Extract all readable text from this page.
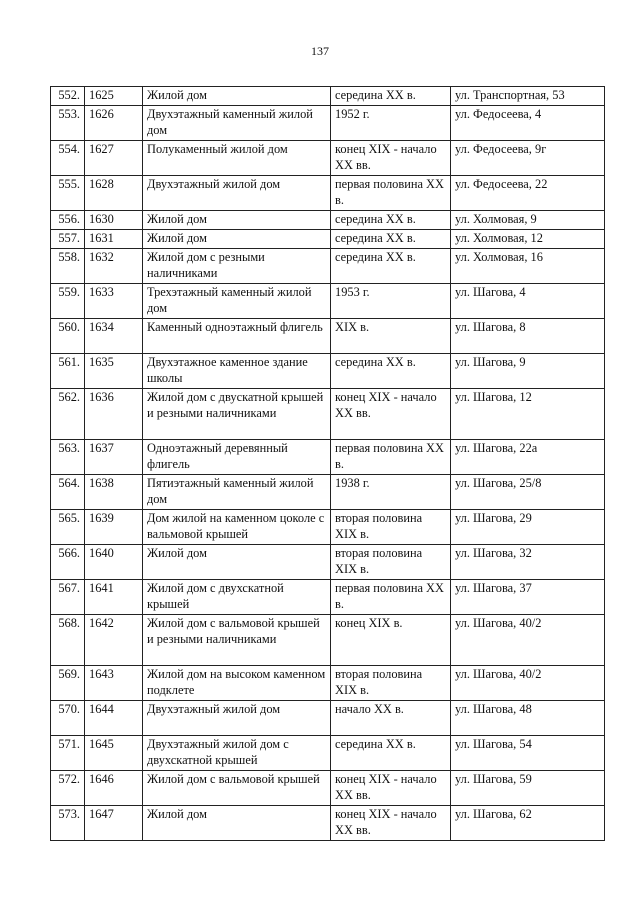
137
552.	1625	Жилой дом	середина XX в.	ул. Транспортная, 53
553.	1626	Двухэтажный каменный жилой дом	1952 г.	ул. Федосеева, 4
554.	1627	Полукаменный жилой дом	конец XIX - начало XX вв.	ул. Федосеева, 9г
555.	1628	Двухэтажный жилой дом	первая половина XX в.	ул. Федосеева, 22
556.	1630	Жилой дом	середина XX в.	ул. Холмовая, 9
557.	1631	Жилой дом	середина XX в.	ул. Холмовая, 12
558.	1632	Жилой дом с резными наличниками	середина XX в.	ул. Холмовая, 16
559.	1633	Трехэтажный каменный жилой дом	1953 г.	ул. Шагова, 4
560.	1634	Каменный одноэтажный флигель	XIX в.	ул. Шагова, 8
561.	1635	Двухэтажное каменное здание школы	середина XX в.	ул. Шагова, 9
562.	1636	Жилой дом с двускатной крышей и резными наличниками	конец XIX - начало XX вв.	ул. Шагова, 12
563.	1637	Одноэтажный деревянный флигель	первая половина XX в.	ул. Шагова, 22а
564.	1638	Пятиэтажный каменный жилой дом	1938 г.	ул. Шагова, 25/8
565.	1639	Дом жилой на каменном цоколе с вальмовой крышей	вторая половина XIX в.	ул. Шагова, 29
566.	1640	Жилой дом	вторая половина XIX в.	ул. Шагова, 32
567.	1641	Жилой дом с двухскатной крышей	первая половина XX в.	ул. Шагова, 37
568.	1642	Жилой дом с вальмовой крышей и резными наличниками	конец XIX в.	ул. Шагова, 40/2
569.	1643	Жилой дом на высоком каменном подклете	вторая половина XIX в.	ул. Шагова, 40/2
570.	1644	Двухэтажный жилой дом	начало XX в.	ул. Шагова, 48
571.	1645	Двухэтажный жилой дом с двухскатной крышей	середина XX в.	ул. Шагова, 54
572.	1646	Жилой дом с вальмовой крышей	конец XIX - начало XX вв.	ул. Шагова, 59
573.	1647	Жилой дом	конец XIX - начало XX вв.	ул. Шагова, 62
